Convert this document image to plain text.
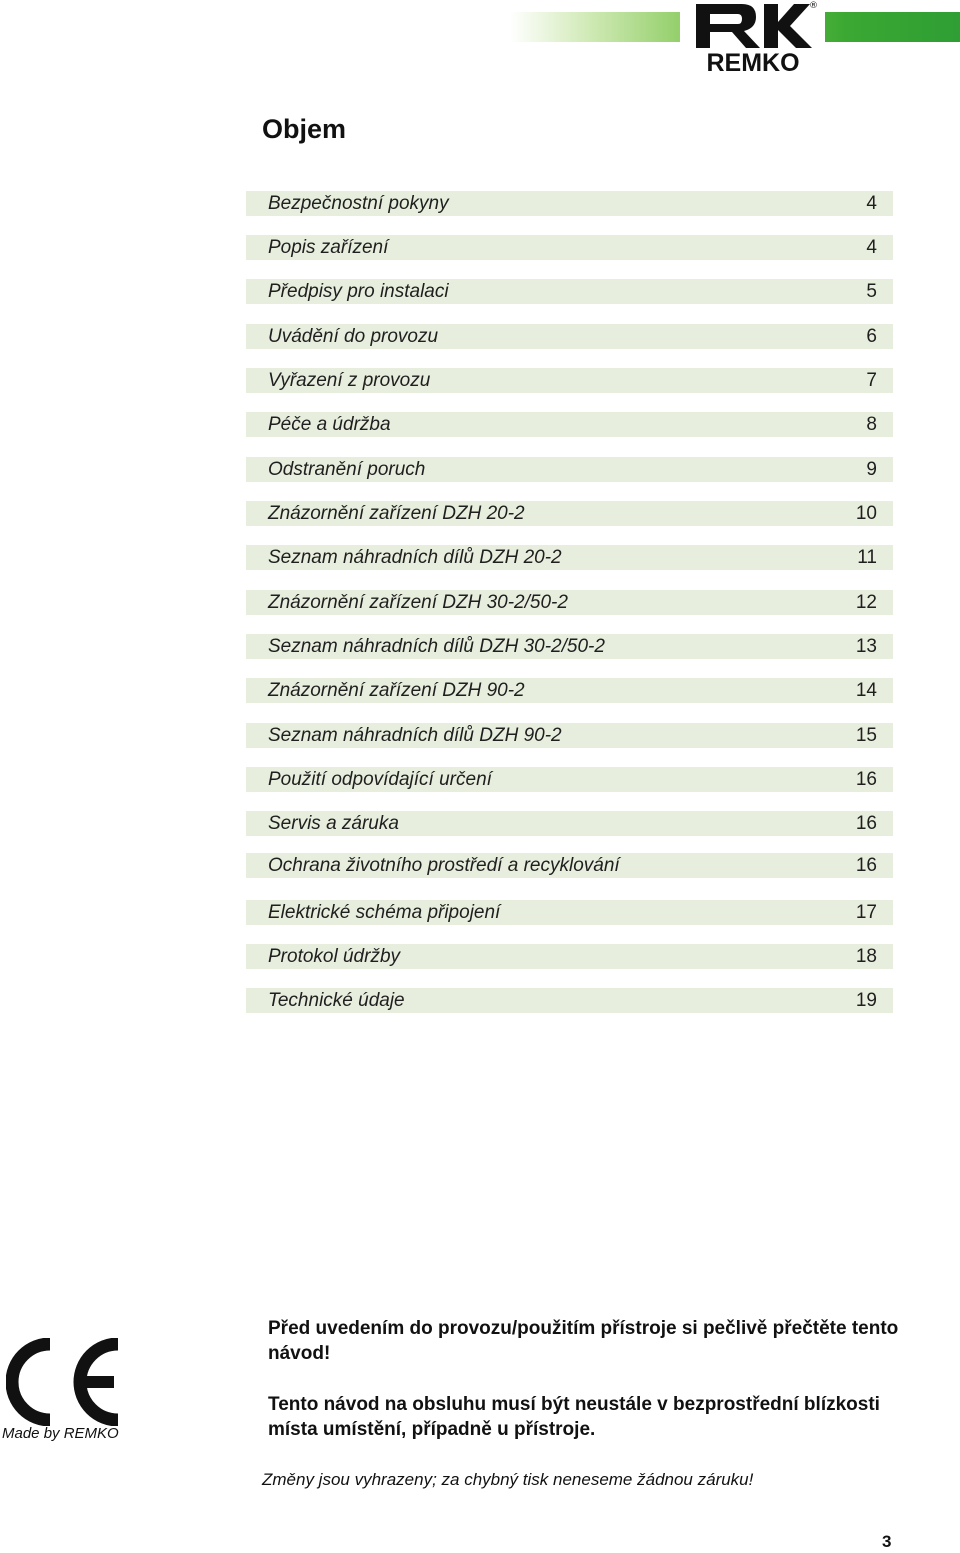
®
REMKO
Objem
Bezpečnostní pokyny	4
Popis zařízení	4
Předpisy pro instalaci	5
Uvádění do provozu	6
Vyřazení z provozu	7
Péče a údržba	8
Odstranění poruch	9
Znázornění zařízení DZH 20-2	10
Seznam náhradních dílů DZH 20-2	11
Znázornění zařízení DZH 30-2/50-2	12
Seznam náhradních dílů DZH 30-2/50-2	13
Znázornění zařízení DZH 90-2	14
Seznam náhradních dílů DZH 90-2	15
Použití odpovídající určení	16
Servis a záruka	16
Ochrana životního prostředí a recyklování	16
Elektrické schéma připojení	17
Protokol údržby	18
Technické údaje	19
Made by REMKO

Před uvedením do provozu/použitím přístroje si pečlivě přečtěte tento návod!

Tento návod na obsluhu musí být neustále v bezprostřední blízkosti místa umístění, případně u přístroje.

Změny jsou vyhrazeny; za chybný tisk neneseme žádnou záruku!

3
